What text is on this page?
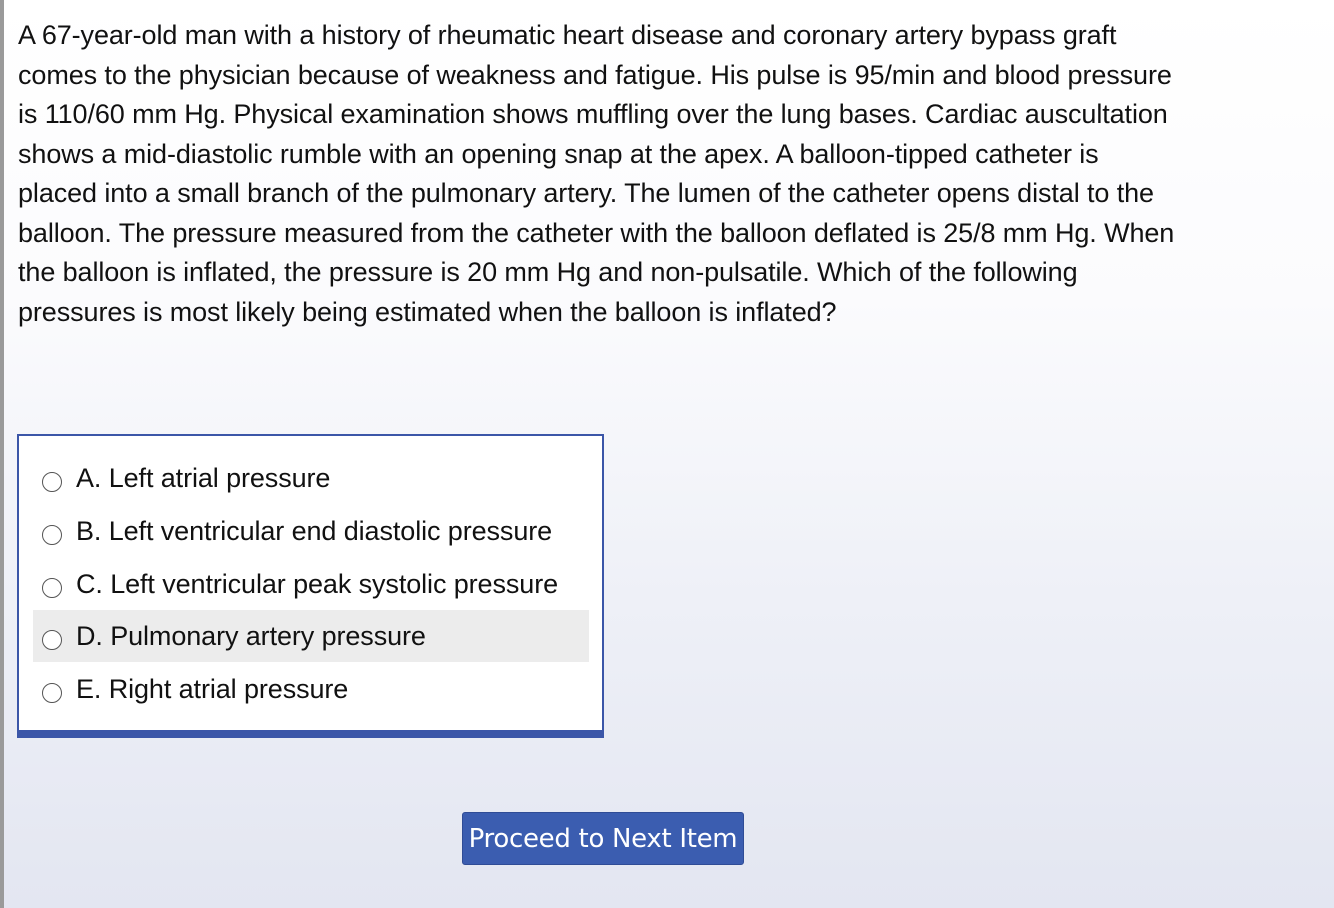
A 67-year-old man with a history of rheumatic heart disease and coronary artery bypass graft comes to the physician because of weakness and fatigue. His pulse is 95/min and blood pressure is 110/60 mm Hg. Physical examination shows muffling over the lung bases. Cardiac auscultation shows a mid-diastolic rumble with an opening snap at the apex. A balloon-tipped catheter is placed into a small branch of the pulmonary artery. The lumen of the catheter opens distal to the balloon. The pressure measured from the catheter with the balloon deflated is 25/8 mm Hg. When the balloon is inflated, the pressure is 20 mm Hg and non-pulsatile. Which of the following pressures is most likely being estimated when the balloon is inflated?

A. Left atrial pressure
B. Left ventricular end diastolic pressure
C. Left ventricular peak systolic pressure
D. Pulmonary artery pressure
E. Right atrial pressure
Proceed to Next Item
